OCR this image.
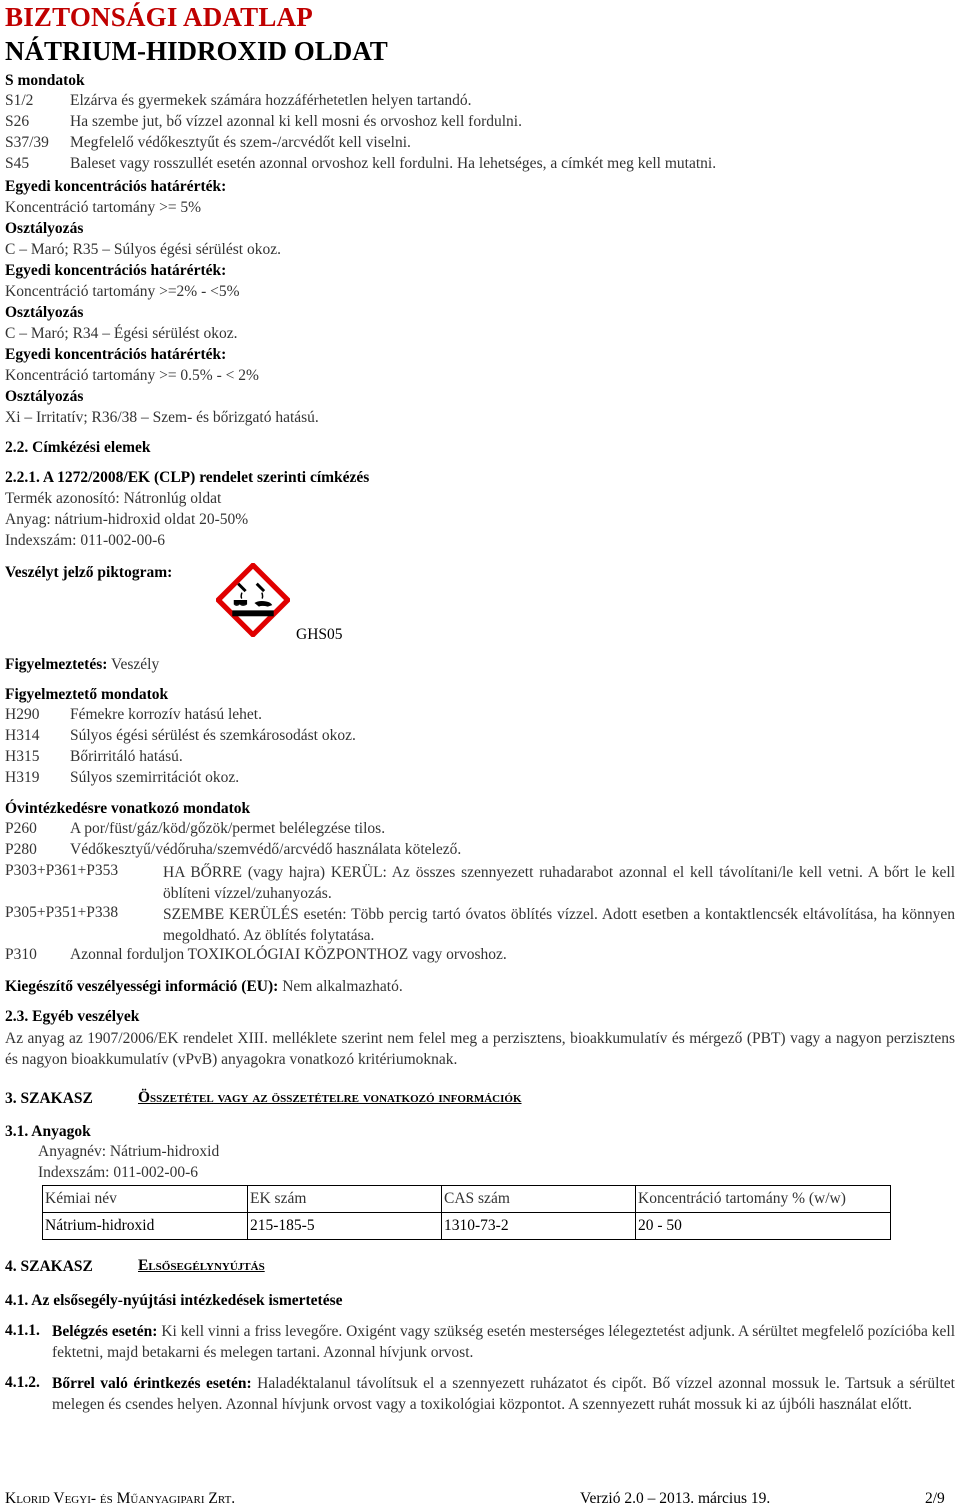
BIZTONSÁGI ADATLAP
NÁTRIUM-HIDROXID OLDAT
S mondatok
S1/2 Elzárva és gyermekek számára hozzáférhetetlen helyen tartandó.
S26	Ha szembe jut, bő vízzel azonnal ki kell mosni és orvoshoz kell fordulni.
S37/39 Megfelelő védőkesztyűt és szem-/arcvédőt kell viselni.
S45	Baleset vagy rosszullét esetén azonnal orvoshoz kell fordulni. Ha lehetséges, a címkét meg kell mutatni.
Egyedi koncentrációs határérték:
Koncentráció tartomány >= 5%
Osztályozás
C – Maró; R35 – Súlyos égési sérülést okoz.
Egyedi koncentrációs határérték:
Koncentráció tartomány >=2% - <5%
Osztályozás
C – Maró; R34 – Égési sérülést okoz.
Egyedi koncentrációs határérték:
Koncentráció tartomány >= 0.5% - < 2%
Osztályozás
Xi – Irritatív; R36/38 – Szem- és bőrizgató hatású.
2.2. Címkézési elemek
2.2.1. A 1272/2008/EK (CLP) rendelet szerinti címkézés
Termék azonosító: Nátronlúg oldat
Anyag: nátrium-hidroxid oldat 20-50%
Indexszám: 011-002-00-6
Veszélyt jelző piktogram:
GHS05
Figyelmeztetés: Veszély
Figyelmeztető mondatok
H290 Fémekre korrozív hatású lehet.
H314 Súlyos égési sérülést és szemkárosodást okoz.
H315 Bőrirritáló hatású.
H319 Súlyos szemirritációt okoz.
Óvintézkedésre vonatkozó mondatok
P260 A por/füst/gáz/köd/gőzök/permet belélegzése tilos.
P280 Védőkesztyű/védőruha/szemvédő/arcvédő használata kötelező.
P303+P361+P353	HA BŐRRE (vagy hajra) KERÜL: Az összes szennyezett ruhadarabot azonnal el kell távolítani/le kell vetni. A bőrt le kell öblíteni vízzel/zuhanyozás.
P305+P351+P338	SZEMBE KERÜLÉS esetén: Több percig tartó óvatos öblítés vízzel. Adott esetben a kontaktlencsék eltávolítása, ha könnyen megoldható. Az öblítés folytatása.
P310 Azonnal forduljon TOXIKOLÓGIAI KÖZPONTHOZ vagy orvoshoz.
Kiegészítő veszélyességi információ (EU): Nem alkalmazható.
2.3. Egyéb veszélyek
Az anyag az 1907/2006/EK rendelet XIII. melléklete szerint nem felel meg a perzisztens, bioakkumulatív és mérgező (PBT) vagy a nagyon perzisztens és nagyon bioakkumulatív (vPvB) anyagokra vonatkozó kritériumoknak.
3. SZAKASZ	Összetétel vagy az összetételre vonatkozó információk
3.1. Anyagok
Anyagnév: Nátrium-hidroxid
Indexszám: 011-002-00-6
Kémiai név	EK szám	CAS szám	Koncentráció tartomány % (w/w)
Nátrium-hidroxid	215-185-5	1310-73-2	20 - 50
4. SZAKASZ	Elsősegélynyújtás
4.1. Az elsősegély-nyújtási intézkedések ismertetése
4.1.1. Belégzés esetén: Ki kell vinni a friss levegőre. Oxigént vagy szükség esetén mesterséges lélegeztetést adjunk. A sérültet megfelelő pozícióba kell fektetni, majd betakarni és melegen tartani. Azonnal hívjunk orvost.
4.1.2. Bőrrel való érintkezés esetén: Haladéktalanul távolítsuk el a szennyezett ruházatot és cipőt. Bő vízzel azonnal mossuk le. Tartsuk a sérültet melegen és csendes helyen. Azonnal hívjunk orvost vagy a toxikológiai központot. A szennyezett ruhát mossuk ki az újbóli használat előtt.
Klorid Vegyi- és Műanyagipari Zrt.	Verzió 2.0 – 2013. március 19.	2/9
